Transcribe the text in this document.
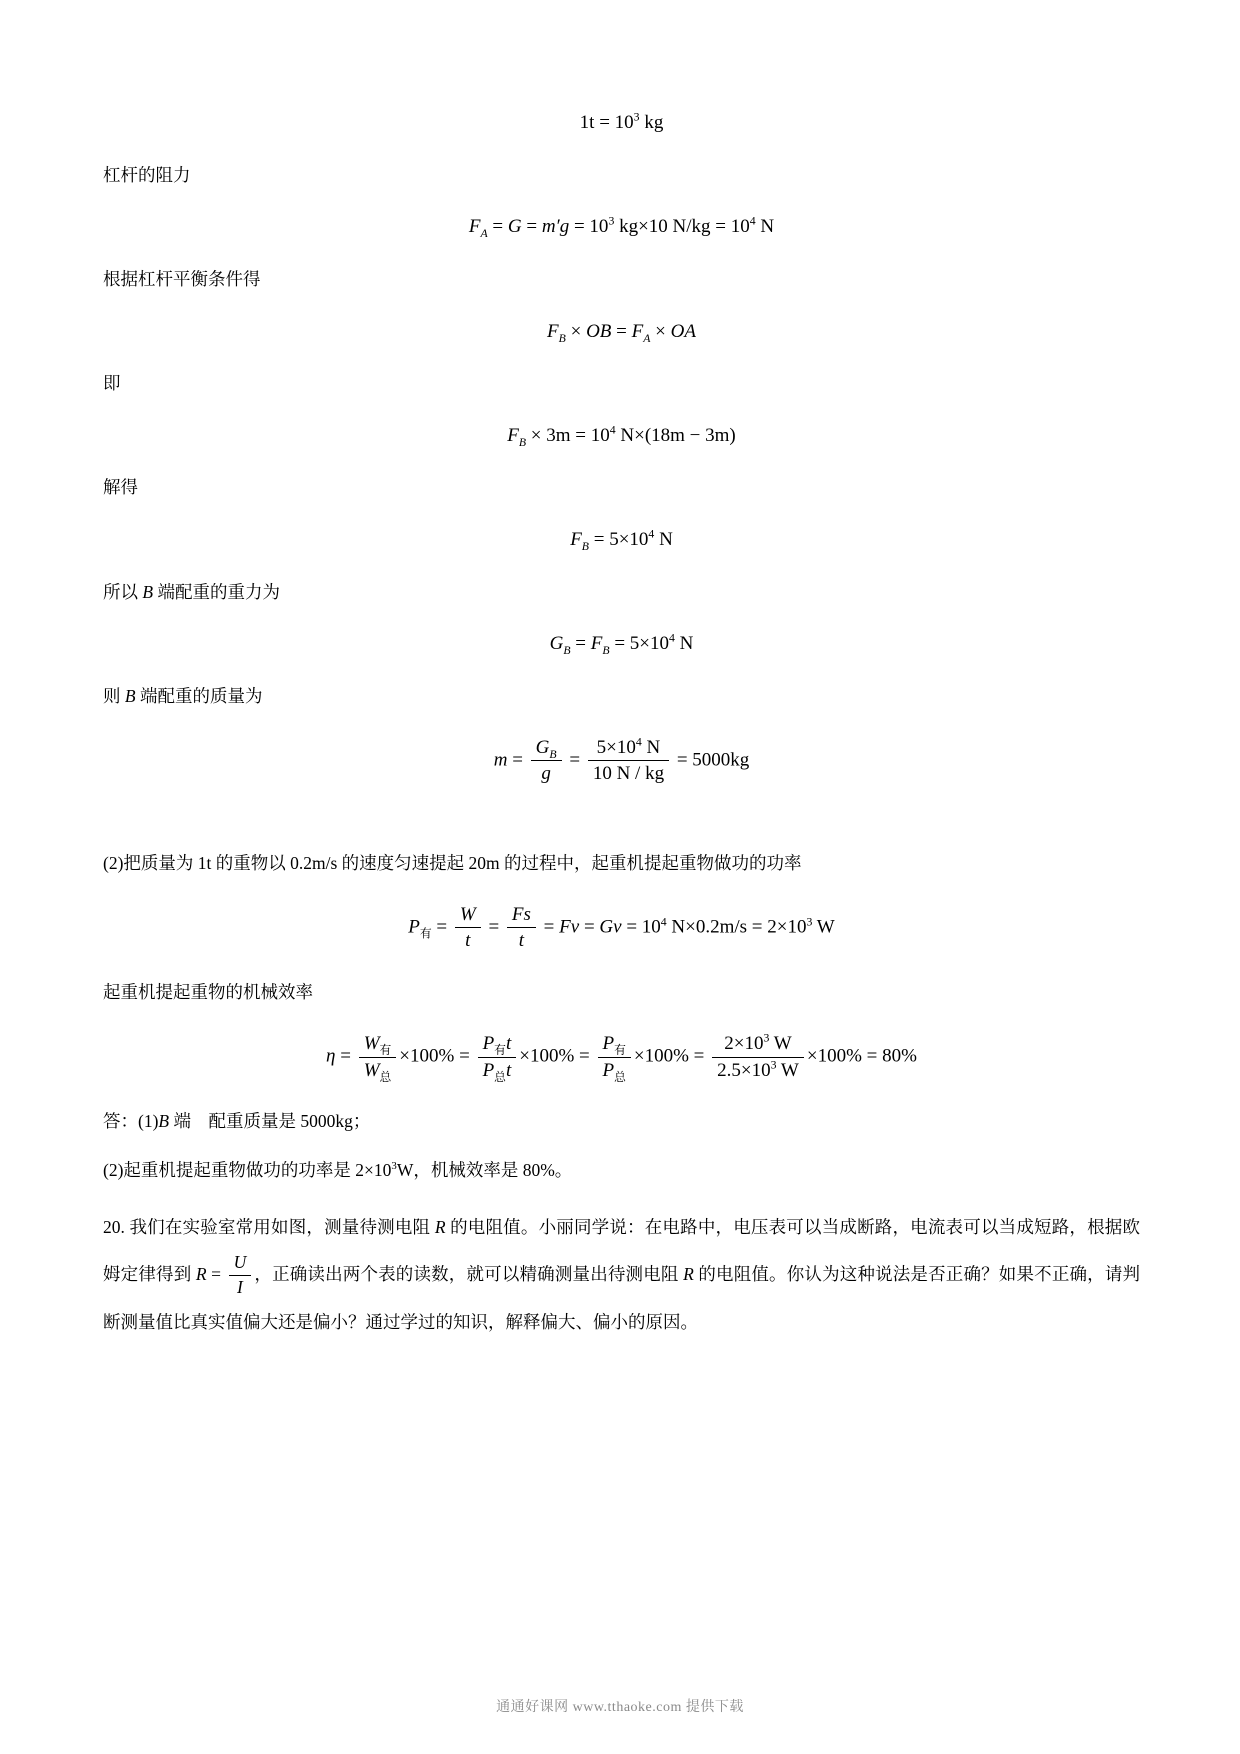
$1t = 10^3$ kg
杠杆的阻力
$F_A = G = m'g = 10^3$ kg×10 $N/kg = 10^4$ N
根据杠杆平衡条件得
$F_B$ × OB = $F_A$ × OA
即
$F_B \times 3m = 10^4$ N×(18m − 3m)
解得
$F_B = 5\times 10^4$ N
所以 B 端配重的重力为
$G_B = F_B = 5\times 10^4$ N
则 B 端配重的质量为
$m = \frac{G_B}{g} = \frac{5\times 10^4 N}{10 N / kg} = 5000kg$
(2)把质量为 1t 的重物以 0.2m/s 的速度匀速提起 20m 的过程中，起重机提起重物做功的功率
$P_有 = \frac{W}{t} = \frac{Fs}{t} = Fv = Gv = 10^4$ $N\times 0.2m/s = 2\times 10^3$ W
起重机提起重物的机械效率
$\eta = \frac{W_有}{W_总} \times 100\% = \frac{P_有t}{P_总t} \times 100\% = \frac{P_有}{P_总} \times 100\% = \frac{2\times 10^3 W}{2.5\times 10^3 W} \times 100\% = 80\%$
答：(1)B 端　配重质量是 5000kg；
(2)起重机提起重物做功的功率是 $2\times 10^3W$，机械效率是 80%。
20. 我们在实验室常用如图，测量待测电阻 R 的电阻值。小丽同学说：在电路中，电压表可以当成断路，电流表可以当成短路，根据欧姆定律得到 $R = \frac{U}{I}$ ，正确读出两个表的读数，就可以精确测量出待测电阻 R 的电阻值。你认为这种说法是否正确？如果不正确，请判断测量值比真实值偏大还是偏小？通过学过的知识，解释偏大、偏小的原因。
通通好课网 www.tthaoke.com 提供下载
